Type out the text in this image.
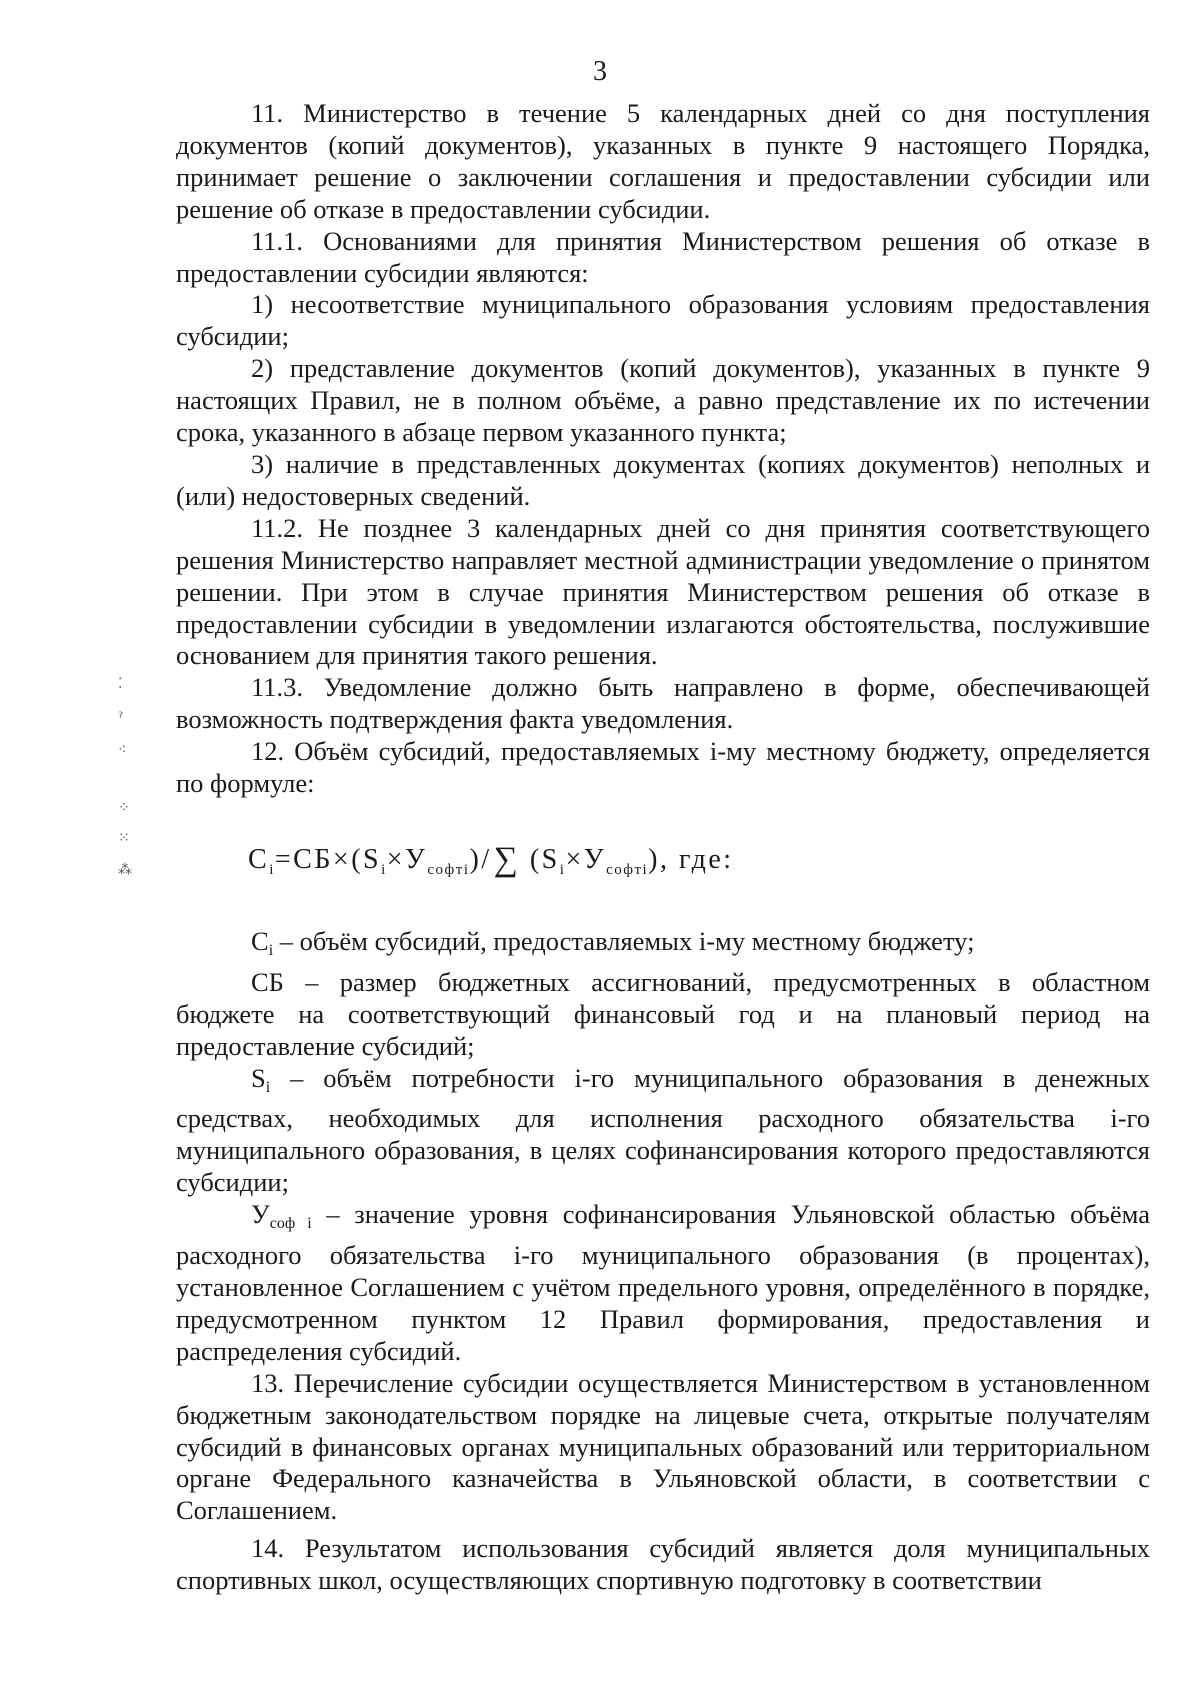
3
⁚
ˀ
⁖
⁘
⁙
⁂

11. Министерство в течение 5 календарных дней со дня поступления документов (копий документов), указанных в пункте 9 настоящего Порядка, принимает решение о заключении соглашения и предоставлении субсидии или решение об отказе в предоставлении субсидии.

11.1. Основаниями для принятия Министерством решения об отказе в предоставлении субсидии являются:

1) несоответствие муниципального образования условиям предоставления субсидии;

2) представление документов (копий документов), указанных в пункте 9 настоящих Правил, не в полном объёме, а равно представление их по истечении срока, указанного в абзаце первом указанного пункта;

3) наличие в представленных документах (копиях документов) неполных и (или) недостоверных сведений.

11.2. Не позднее 3 календарных дней со дня принятия соответствующего решения Министерство направляет местной администрации уведомление о принятом решении. При этом в случае принятия Министерством решения об отказе в предоставлении субсидии в уведомлении излагаются обстоятельства, послужившие основанием для принятия такого решения.

11.3. Уведомление должно быть направлено в форме, обеспечивающей возможность подтверждения факта уведомления.

12. Объём субсидий, предоставляемых i-му местному бюджету, определяется по формуле:

$С_i=СБ\times(S_i\times У_{софтi})/\sum$ $(S_i\times У_{софтi})$, где:

Сi – объём субсидий, предоставляемых i-му местному бюджету;

СБ – размер бюджетных ассигнований, предусмотренных в областном бюджете на соответствующий финансовый год и на плановый период на предоставление субсидий;

Si – объём потребности i-го муниципального образования в денежных средствах, необходимых для исполнения расходного обязательства i-го муниципального образования, в целях софинансирования которого предоставляются субсидии;

Усоф i – значение уровня софинансирования Ульяновской областью объёма расходного обязательства i-го муниципального образования (в процентах), установленное Соглашением с учётом предельного уровня, определённого в порядке, предусмотренном пунктом 12 Правил формирования, предоставления и распределения субсидий.

13. Перечисление субсидии осуществляется Министерством в установленном бюджетным законодательством порядке на лицевые счета, открытые получателям субсидий в финансовых органах муниципальных образований или территориальном органе Федерального казначейства в Ульяновской области, в соответствии с Соглашением.

14. Результатом использования субсидий является доля муниципальных спортивных школ, осуществляющих спортивную подготовку в соответствии
